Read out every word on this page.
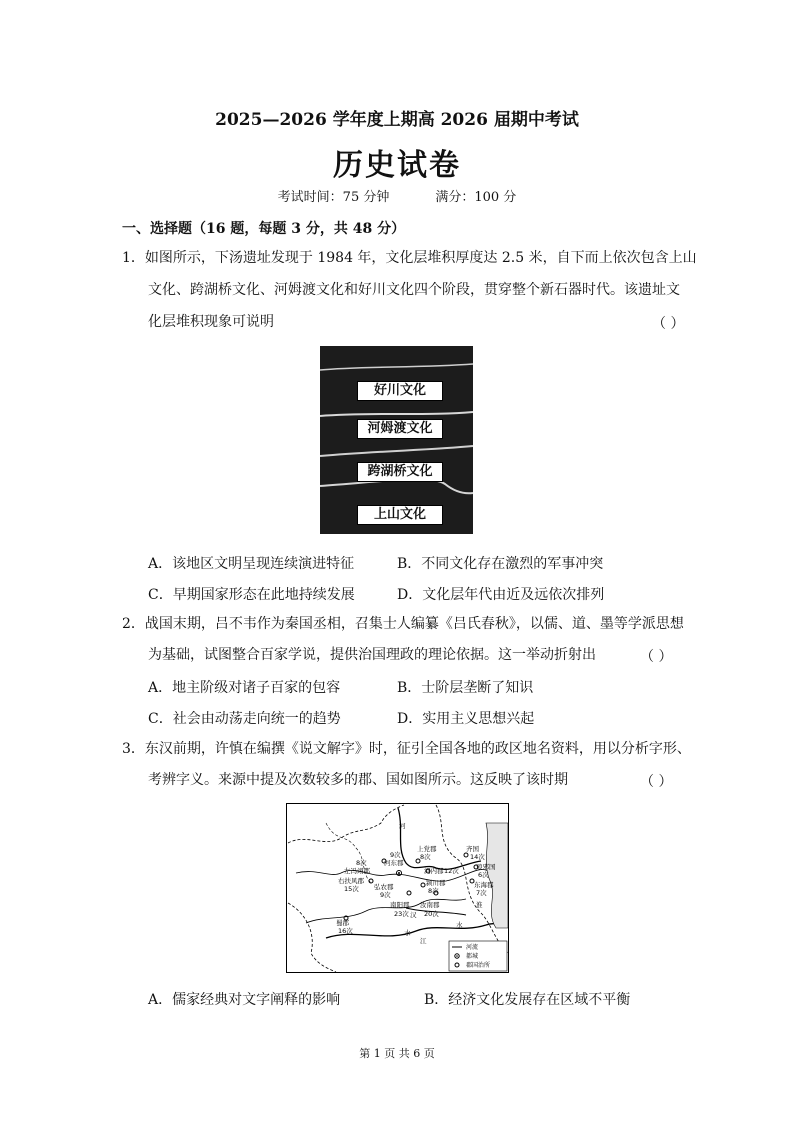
2025—2026 学年度上期高 2026 届期中考试
历史试卷
考试时间：75 分钟	满分：100 分
一、选择题（16 题，每题 3 分，共 48 分）
1．如图所示，下汤遗址发现于 1984 年，文化层堆积厚度达 2.5 米，自下而上依次包含上山
文化、跨湖桥文化、河姆渡文化和好川文化四个阶段，贯穿整个新石器时代。该遗址文
化层堆积现象可说明	（ ）
好川文化
河姆渡文化
跨湖桥文化
上山文化
A．该地区文明呈现连续演进特征	B．不同文化存在激烈的军事冲突
C．早期国家形态在此地持续发展	D．文化层年代由近及远依次排列
2．战国末期，吕不韦作为秦国丞相，召集士人编纂《吕氏春秋》，以儒、道、墨等学派思想
为基础，试图整合百家学说，提供治国理政的理论依据。这一举动折射出	（ ）
A．地主阶级对诸子百家的包容	B．士阶层垄断了知识
C．社会由动荡走向统一的趋势	D．实用主义思想兴起
3．东汉前期，许慎在编撰《说文解字》时，征引全国各地的政区地名资料，用以分析字形、
考辨字义。来源中提及次数较多的郡、国如图所示。这反映了该时期	（ ）
河
上党郡
8次
9次
河东郡
8次
左冯翊郡
右扶风郡
15次
河内郡 12次
弘农郡
9次
颍川郡
8次
南阳郡
23次
汝南郡
20次
齐国
14次
琅邪国
6次
东海郡
7次
蜀郡
16次
汉
江
水
水
淮
河流
都城
郡国治所
A．儒家经典对文字阐释的影响	B．经济文化发展存在区域不平衡
第 1 页 共 6 页
